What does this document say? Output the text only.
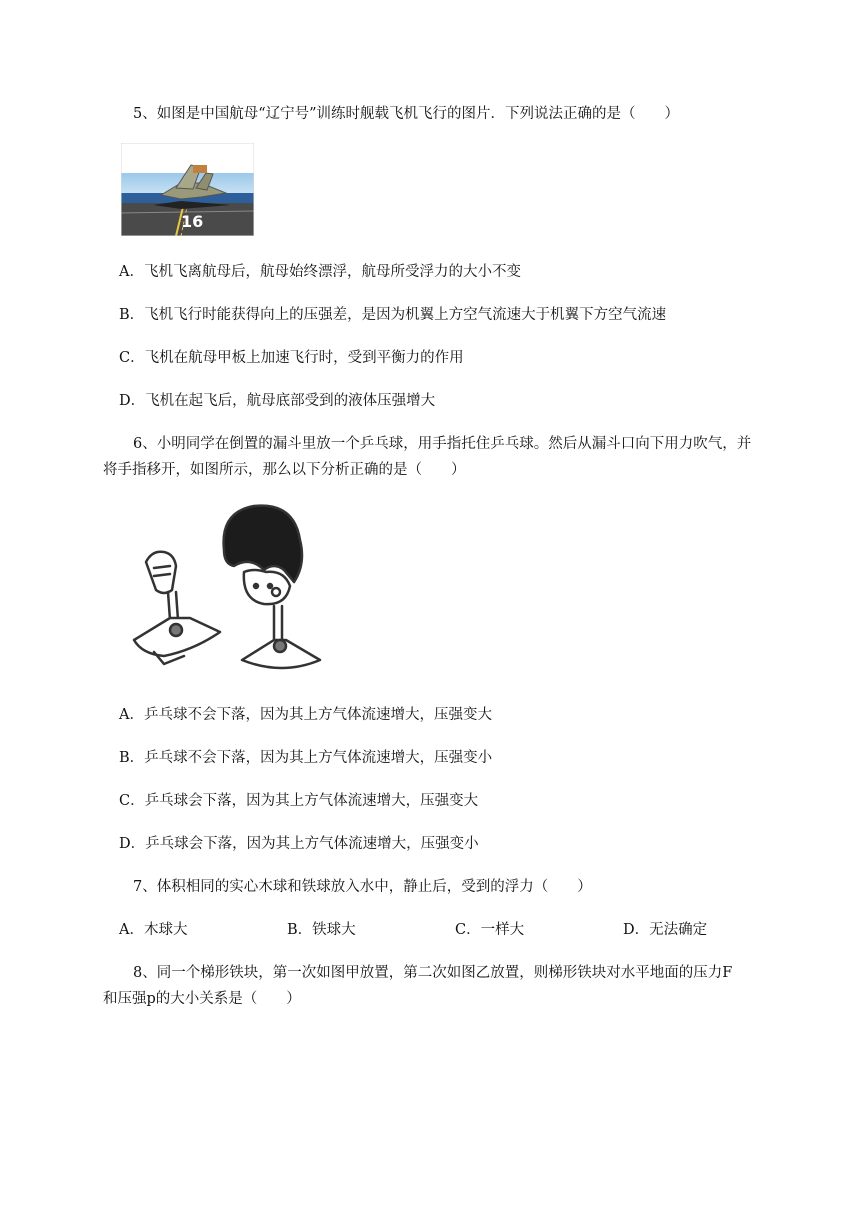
5、如图是中国航母“辽宁号”训练时舰载飞机飞行的图片．下列说法正确的是（　　）
16
A．飞机飞离航母后，航母始终漂浮，航母所受浮力的大小不变
B．飞机飞行时能获得向上的压强差，是因为机翼上方空气流速大于机翼下方空气流速
C．飞机在航母甲板上加速飞行时，受到平衡力的作用
D．飞机在起飞后，航母底部受到的液体压强增大
6、小明同学在倒置的漏斗里放一个乒乓球，用手指托住乒乓球。然后从漏斗口向下用力吹气，并
将手指移开，如图所示，那么以下分析正确的是（　　）
A．乒乓球不会下落，因为其上方气体流速增大，压强变大
B．乒乓球不会下落，因为其上方气体流速增大，压强变小
C．乒乓球会下落，因为其上方气体流速增大，压强变大
D．乒乓球会下落，因为其上方气体流速增大，压强变小
7、体积相同的实心木球和铁球放入水中，静止后，受到的浮力（　　）
A．木球大	B．铁球大	C．一样大	D．无法确定
8、同一个梯形铁块，第一次如图甲放置，第二次如图乙放置，则梯形铁块对水平地面的压力F
和压强p的大小关系是（　　）
